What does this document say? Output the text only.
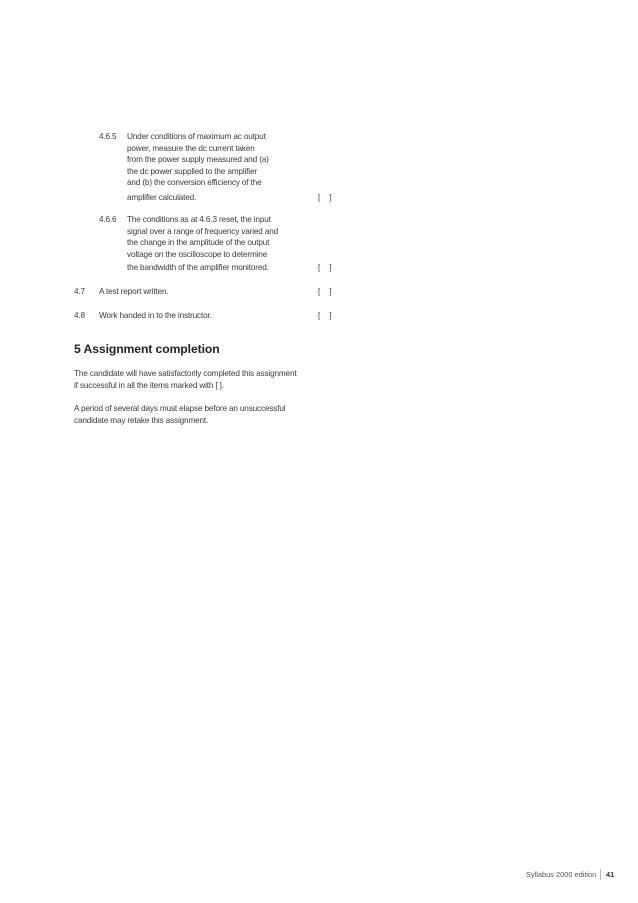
4.6.5 Under conditions of maximum ac output
power, measure the dc current taken
from the power supply measured and (a)
the dc power supplied to the amplifier
and (b) the conversion efficiency of the
amplifier calculated.	[    ]
4.6.6 The conditions as at 4.6.3 reset, the input
signal over a range of frequency varied and
the change in the amplitude of the output
voltage on the oscilloscope to determine
the bandwidth of the amplifier monitored.	[    ]
4.7 A test report written.	[    ]
4.8 Work handed in to the instructor.	[    ]
5 Assignment completion
The candidate will have satisfactorily completed this assignment
if successful in all the items marked with [ ].
A period of several days must elapse before an unsuccessful
candidate may retake this assignment.
Syllabus 2000 edition 41
